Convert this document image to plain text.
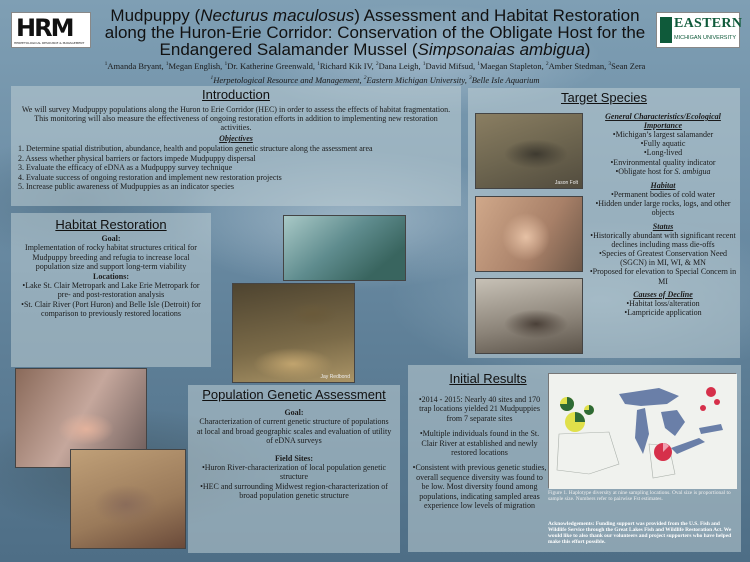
HRM
HERPETOLOGICAL RESOURCE & MANAGEMENT
EASTERN
MICHIGAN UNIVERSITY
Mudpuppy (Necturus maculosus) Assessment and Habitat Restoration
along the Huron-Erie Corridor: Conservation of the Obligate Host for the
Endangered Salamander Mussel (Simpsonaias ambigua)
$^1$Amanda Bryant, $^1$Megan English, $^1$Dr. Katherine Greenwald, $^1$Richard Kik IV, $^2$Dana Leigh, $^1$David Mifsud, $^1$Maegan Stapleton, $^2$Amber Stedman, $^3$Sean Zera
$^1$Herpetological Resource and Management, $^2$Eastern Michigan University, $^3$Belle Isle Aquarium
Introduction
We will survey Mudpuppy populations along the Huron to Erie Corridor (HEC) in order to assess the effects of habitat fragmentation. This monitoring will also measure the effectiveness of ongoing restoration efforts in addition to implementing new restoration activities.
Objectives
1. Determine spatial distribution, abundance, health and population genetic structure along the assessment area
2. Assess whether physical barriers or factors impede Mudpuppy dispersal
3. Evaluate the efficacy of eDNA as a Mudpuppy survey technique
4. Evaluate success of ongoing restoration and implement new restoration projects
5. Increase public awareness of Mudpuppies as an indicator species
Target Species
Jason Folt
General Characteristics/Ecological Importance
•Michigan’s largest salamander
•Fully aquatic
•Long-lived
•Environmental quality indicator
•Obligate host for S. ambigua
Habitat
•Permanent bodies of cold water
•Hidden under large rocks, logs, and other objects
Status
•Historically abundant with significant recent declines including mass die-offs
•Species of Greatest Conservation Need (SGCN) in MI, WI, & MN
•Proposed for elevation to Special Concern in MI
Causes of Decline
•Habitat loss/alteration
•Lampricide application
Habitat Restoration
Goal:
Implementation of rocky habitat structures critical for Mudpuppy breeding and refugia to increase local population size and support long-term viability
Locations:
•Lake St. Clair Metropark and Lake Erie Metropark for pre- and post-restoration analysis
•St. Clair River (Port Huron) and Belle Isle (Detroit) for comparison to previously restored locations
Jay Redbond
Population Genetic Assessment
Goal:
Characterization of current genetic structure of populations at local and broad geographic scales and evaluation of utility of eDNA surveys
Field Sites:
•Huron River-characterization of local population genetic structure
•HEC and surrounding Midwest region-characterization of broad population genetic structure
Initial Results
•2014 - 2015: Nearly 40 sites and 170 trap locations yielded 21 Mudpuppies from 7 separate sites
•Multiple individuals found in the St. Clair River at established and newly restored locations
•Consistent with previous genetic studies, overall sequence diversity was found to be low. Most diversity found among populations, indicating sampled areas experience low levels of migration
Figure 1. Haplotype diversity at nine sampling locations. Oval size is proportional to sample size. Numbers refer to pairwise Fst estimates.
Acknowledgements: Funding support was provided from the U.S. Fish and Wildlife Service through the Great Lakes Fish and Wildlife Restoration Act. We would like to also thank our volunteers and project supporters who have helped make this effort possible.
